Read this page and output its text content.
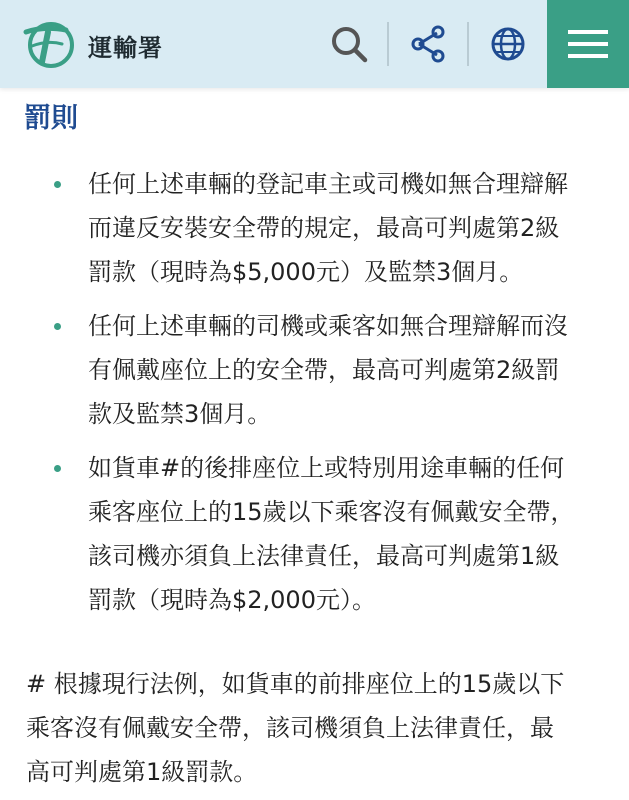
運輸署
罰則
任何上述車輛的登記車主或司機如無合理辯解
而違反安裝安全帶的規定，最高可判處第2級
罰款（現時為$5,000元）及監禁3個月。
任何上述車輛的司機或乘客如無合理辯解而沒
有佩戴座位上的安全帶，最高可判處第2級罰
款及監禁3個月。
如貨車#的後排座位上或特別用途車輛的任何
乘客座位上的15歲以下乘客沒有佩戴安全帶，
該司機亦須負上法律責任，最高可判處第1級
罰款（現時為$2,000元）。
# 根據現行法例，如貨車的前排座位上的15歲以下
乘客沒有佩戴安全帶，該司機須負上法律責任，最
高可判處第1級罰款。
